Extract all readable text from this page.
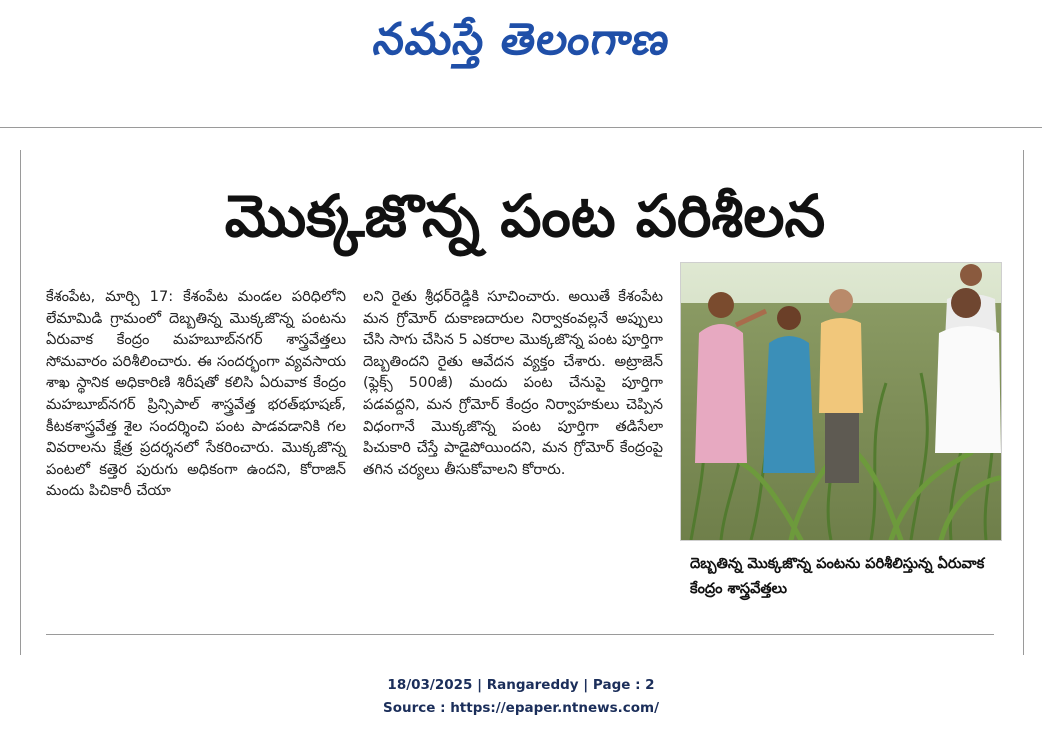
నమస్తే తెలంగాణ
మొక్కజొన్న పంట పరిశీలన

కేశంపేట, మార్చి 17: కేశంపేట మండల పరిధిలోని లేమామిడి గ్రామంలో దెబ్బతిన్న మొక్కజొన్న పంటను ఏరువాక కేంద్రం మహబూబ్‌నగర్ శాస్త్రవేత్తలు సోమవారం పరిశీలించారు. ఈ సందర్భంగా వ్యవసాయ శాఖ స్థానిక అధికారిణి శిరీషతో కలిసి ఏరువాక కేంద్రం మహబూబ్‌నగర్ ప్రిన్సిపాల్ శాస్త్రవేత్త భరత్‌భూషణ్, కీటకశాస్త్రవేత్త శైల సందర్శించి పంట పాడవడానికి గల వివరాలను క్షేత్ర ప్రదర్శనలో సేకరించారు. మొక్కజొన్న పంటలో కత్తెర పురుగు అధికంగా ఉందని, కోరాజిన్ మందు పిచికారీ చేయా

లని రైతు శ్రీధర్‌రెడ్డికి సూచించారు. అయితే కేశంపేట మన గ్రోమోర్ దుకాణదారుల నిర్వాకంవల్లనే అప్పులు చేసి సాగు చేసిన 5 ఎకరాల మొక్కజొన్న పంట పూర్తిగా దెబ్బతిందని రైతు ఆవేదన వ్యక్తం చేశారు. అట్రాజెన్ (ఫ్లెక్స్ 500జీ) మందు పంట చేనుపై పూర్తిగా పడవద్దని, మన గ్రోమోర్ కేంద్రం నిర్వాహకులు చెప్పిన విధంగానే మొక్కజొన్న పంట పూర్తిగా తడిసేలా పిచుకారి చేస్తే పాడైపోయిందని, మన గ్రోమోర్ కేంద్రంపై తగిన చర్యలు తీసుకోవాలని కోరారు.

దెబ్బతిన్న మొక్కజొన్న పంటను పరిశీలిస్తున్న ఏరువాక కేంద్రం శాస్త్రవేత్తలు

18/03/2025 | Rangareddy | Page : 2
Source : https://epaper.ntnews.com/
